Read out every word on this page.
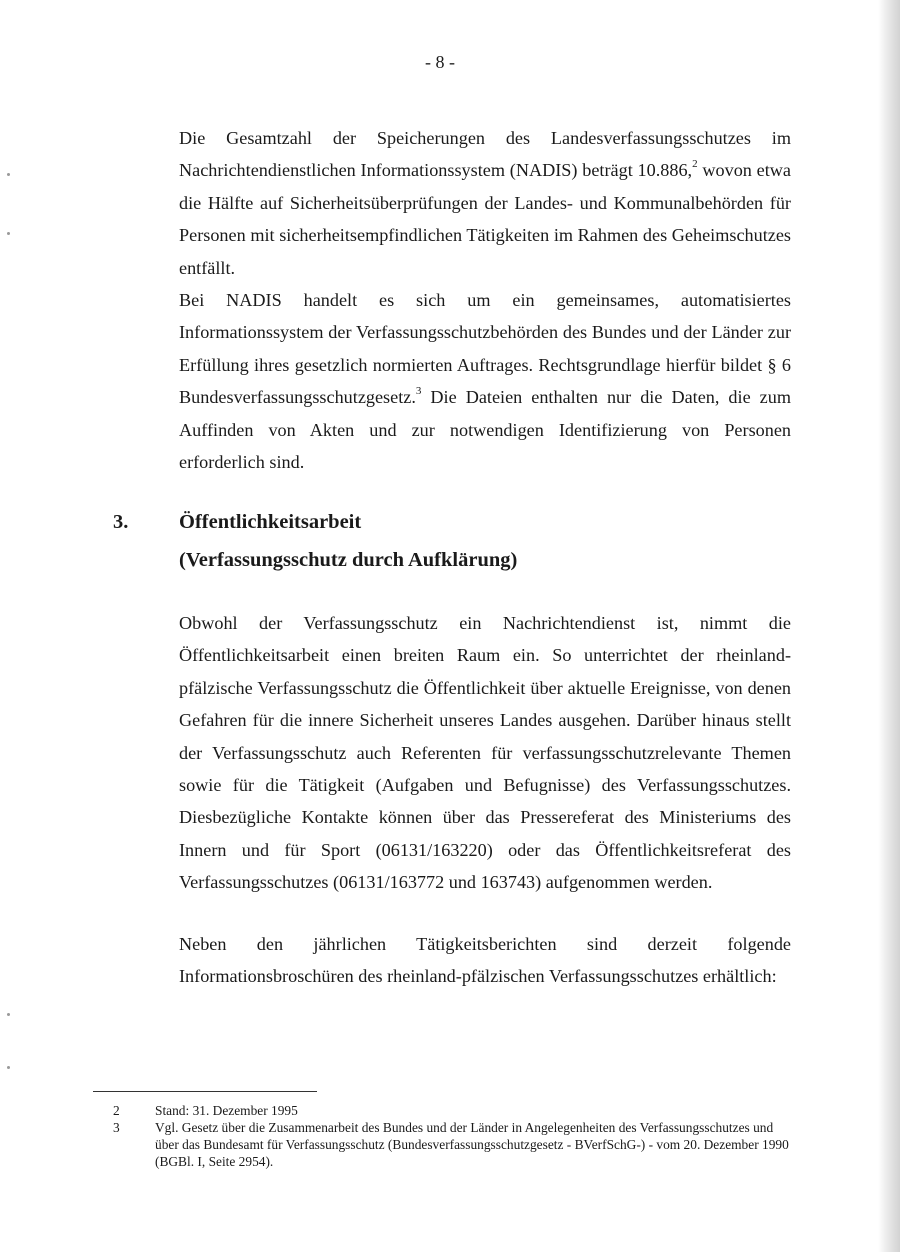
- 8 -

Die Gesamtzahl der Speicherungen des Landesverfassungsschutzes im Nachrichtendienstlichen Informationssystem (NADIS) beträgt 10.886,$^2$ wovon etwa die Hälfte auf Sicherheitsüberprüfungen der Landes- und Kommunalbehörden für Personen mit sicherheitsempfindlichen Tätigkeiten im Rahmen des Geheimschutzes entfällt.

Bei NADIS handelt es sich um ein gemeinsames, automatisiertes Informationssystem der Verfassungsschutzbehörden des Bundes und der Länder zur Erfüllung ihres gesetzlich normierten Auftrages. Rechtsgrundlage hierfür bildet § 6 Bundesverfassungsschutzgesetz.$^3$ Die Dateien enthalten nur die Daten, die zum Auffinden von Akten und zur notwendigen Identifizierung von Personen erforderlich sind.

3. Öffentlichkeitsarbeit
(Verfassungsschutz durch Aufklärung)

Obwohl der Verfassungsschutz ein Nachrichtendienst ist, nimmt die Öffentlichkeitsarbeit einen breiten Raum ein. So unterrichtet der rheinland-pfälzische Verfassungsschutz die Öffentlichkeit über aktuelle Ereignisse, von denen Gefahren für die innere Sicherheit unseres Landes ausgehen. Darüber hinaus stellt der Verfassungsschutz auch Referenten für verfassungsschutzrelevante Themen sowie für die Tätigkeit (Aufgaben und Befugnisse) des Verfassungsschutzes. Diesbezügliche Kontakte können über das Pressereferat des Ministeriums des Innern und für Sport (06131/163220) oder das Öffentlichkeitsreferat des Verfassungsschutzes (06131/163772 und 163743) aufgenommen werden.

Neben den jährlichen Tätigkeitsberichten sind derzeit folgende Informationsbroschüren des rheinland-pfälzischen Verfassungsschutzes erhältlich:

2	Stand: 31. Dezember 1995
3	Vgl. Gesetz über die Zusammenarbeit des Bundes und der Länder in Angelegenheiten des Verfassungsschutzes und über das Bundesamt für Verfassungsschutz (Bundesverfassungsschutzgesetz - BVerfSchG-) - vom 20. Dezember 1990 (BGBl. I, Seite 2954).
